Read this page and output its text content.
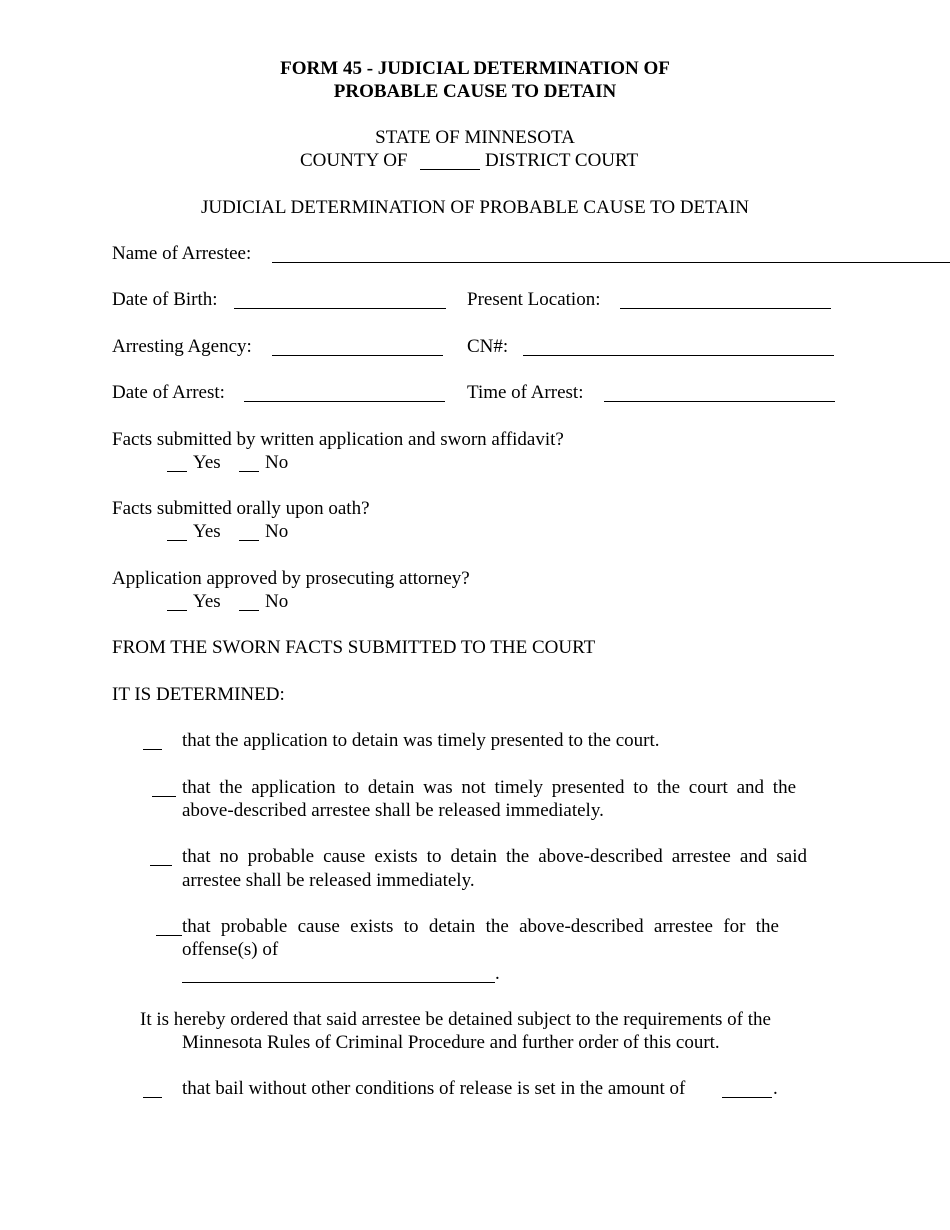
FORM 45 - JUDICIAL DETERMINATION OF
PROBABLE CAUSE TO DETAIN
STATE OF MINNESOTA
COUNTY OF	DISTRICT COURT
JUDICIAL DETERMINATION OF PROBABLE CAUSE TO DETAIN
Name of Arrestee:
Date of Birth:	Present Location:
Arresting Agency:	CN#:
Date of Arrest:	Time of Arrest:
Facts submitted by written application and sworn affidavit?
Yes No
Facts submitted orally upon oath?
Yes No
Application approved by prosecuting attorney?
Yes No
FROM THE SWORN FACTS SUBMITTED TO THE COURT
IT IS DETERMINED:
that the application to detain was timely presented to the court.
that the application to detain was not timely presented to the court and the
above-described arrestee shall be released immediately.
that no probable cause exists to detain the above-described arrestee and said
arrestee shall be released immediately.
that probable cause exists to detain the above-described arrestee for the
offense(s) of
.
It is hereby ordered that said arrestee be detained subject to the requirements of the
Minnesota Rules of Criminal Procedure and further order of this court.
that bail without other conditions of release is set in the amount of	.
